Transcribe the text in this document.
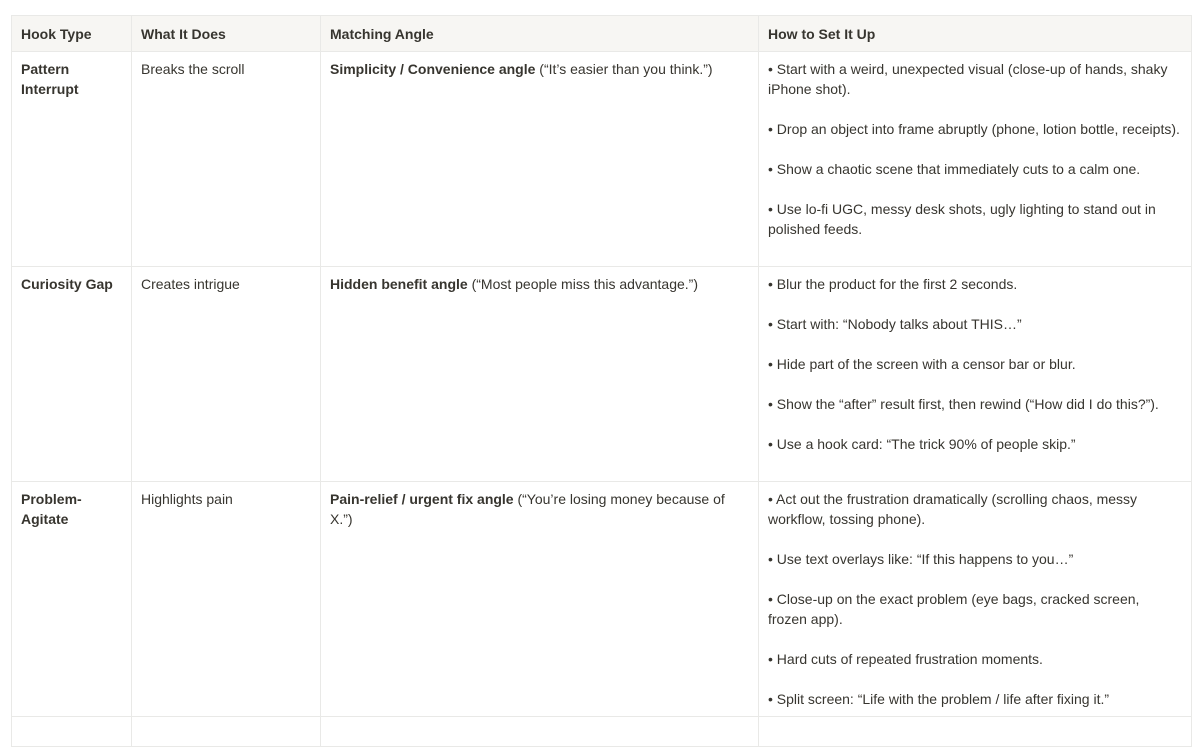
Hook Type	What It Does	Matching Angle	How to Set It Up
Pattern Interrupt	Breaks the scroll	Simplicity / Convenience angle (“It’s easier than you think.”)	• Start with a weird, unexpected visual (close-up of hands, shaky iPhone shot).

• Drop an object into frame abruptly (phone, lotion bottle, receipts).

• Show a chaotic scene that immediately cuts to a calm one.

• Use lo-fi UGC, messy desk shots, ugly lighting to stand out in polished feeds.

Curiosity Gap	Creates intrigue	Hidden benefit angle (“Most people miss this advantage.”)	• Blur the product for the first 2 seconds.

• Start with: “Nobody talks about THIS…”

• Hide part of the screen with a censor bar or blur.

• Show the “after” result first, then rewind (“How did I do this?”).

• Use a hook card: “The trick 90% of people skip.”

Problem-Agitate	Highlights pain	Pain-relief / urgent fix angle (“You’re losing money because of X.”)	• Act out the frustration dramatically (scrolling chaos, messy workflow, tossing phone).

• Use text overlays like: “If this happens to you…”

• Close-up on the exact problem (eye bags, cracked screen, frozen app).

• Hard cuts of repeated frustration moments.

• Split screen: “Life with the problem / life after fixing it.”
